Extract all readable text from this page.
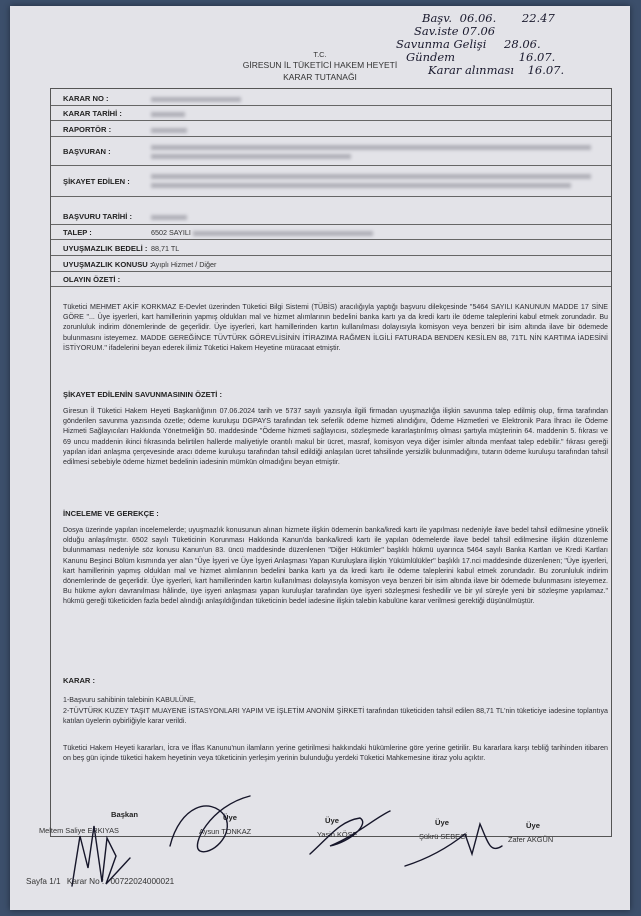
Başv. 06.06. 22.47
Sav.iste 07.06
Savunma Gelişi 28.06.
Gündem	16.07.
Karar alınması 16.07.
T.C.
GİRESUN İL TÜKETİCİ HAKEM HEYETİ
KARAR TUTANAĞI
KARAR NO :
KARAR TARİHİ :
RAPORTÖR :
BAŞVURAN :
ŞİKAYET EDİLEN :
BAŞVURU TARİHİ :
TALEP :	6502 SAYILI
UYUŞMAZLIK BEDELİ : 88,71 TL
UYUŞMAZLIK KONUSU :
Ayıplı Hizmet / Diğer
OLAYIN ÖZETİ :
Tüketici MEHMET AKİF KORKMAZ E-Devlet üzerinden Tüketici Bilgi Sistemi (TÜBİS) aracılığıyla yaptığı başvuru dilekçesinde "5464 SAYILI KANUNUN MADDE 17 SİNE GÖRE "... Üye işyerleri, kart hamillerinin yapmış oldukları mal ve hizmet alımlarının bedelini banka kartı ya da kredi kartı ile ödeme taleplerini kabul etmek zorundadır. Bu zorunluluk indirim dönemlerinde de geçerlidir. Üye işyerleri, kart hamillerinden kartın kullanılması dolayısıyla komisyon veya benzeri bir isim altında ilave bir ödemede bulunmasını isteyemez. MADDE GEREĞİNCE TÜVTÜRK GÖREVLİSİNİN İTİRAZIMA RAĞMEN İLGİLİ FATURADA BENDEN KESİLEN 88, 71TL NİN KARTIMA İADESİNİ İSTİYORUM." ifadelerini beyan ederek ilimiz Tüketici Hakem Heyetine müracaat etmiştir.
ŞİKAYET EDİLENİN SAVUNMASININ ÖZETİ :
Giresun İl Tüketici Hakem Heyeti Başkanlığının 07.06.2024 tarih ve 5737 sayılı yazısıyla ilgili firmadan uyuşmazlığa ilişkin savunma talep edilmiş olup, firma tarafından gönderilen savunma yazısında özetle; ödeme kuruluşu DGPAYS tarafından tek seferlik ödeme hizmeti alındığını, Ödeme Hizmetleri ve Elektronik Para İhracı ile Ödeme Hizmeti Sağlayıcıları Hakkında Yönetmeliğin 50. maddesinde "Ödeme hizmeti sağlayıcısı, sözleşmede kararlaştırılmış olması şartıyla müşterinin 64. maddenin 5. fıkrası ve 69 uncu maddenin ikinci fıkrasında belirtilen hallerde maliyetiyle orantılı makul bir ücret, masraf, komisyon veya diğer isimler altında menfaat talep edebilir." fıkrası gereği yapılan idari anlaşma çerçevesinde aracı ödeme kuruluşu tarafından tahsil edildiği anlaşılan ücret tahsilinde yersizlik bulunmadığını, tutarın ödeme kuruluşu tarafından tahsil edilmesi sebebiyle ödeme hizmet bedelinin iadesinin mümkün olmadığını beyan etmiştir.
İNCELEME VE GEREKÇE :
Dosya üzerinde yapılan incelemelerde; uyuşmazlık konusunun alınan hizmete ilişkin ödemenin banka/kredi kartı ile yapılması nedeniyle ilave bedel tahsil edilmesine yönelik olduğu anlaşılmıştır. 6502 sayılı Tüketicinin Korunması Hakkında Kanun'da banka/kredi kartı ile yapılan ödemelerde ilave bedel tahsil edilmesine ilişkin düzenleme bulunmaması nedeniyle söz konusu Kanun'un 83. üncü maddesinde düzenlenen "Diğer Hükümler" başlıklı hükmü uyarınca 5464 sayılı Banka Kartları ve Kredi Kartları Kanunu Beşinci Bölüm kısmında yer alan "Üye İşyeri ve Üye İşyeri Anlaşması Yapan Kuruluşlara ilişkin Yükümlülükler" başlıklı 17.nci maddesinde düzenlenen; "Üye işyerleri, kart hamillerinin yapmış oldukları mal ve hizmet alımlarının bedelini banka kartı ya da kredi kartı ile ödeme taleplerini kabul etmek zorundadır. Bu zorunluluk indirim dönemlerinde de geçerlidir. Üye işyerleri, kart hamillerinden kartın kullanılması dolayısıyla komisyon veya benzeri bir isim altında ilave bir ödemede bulunmasını isteyemez. Bu hükme aykırı davranılması hâlinde, üye işyeri anlaşması yapan kuruluşlar tarafından üye işyeri sözleşmesi feshedilir ve bir yıl süreyle yeni bir sözleşme yapılamaz." hükmü gereği tüketiciden fazla bedel alındığı anlaşıldığından tüketicinin bedel iadesine ilişkin talebin kabulüne karar verilmesi gerektiği düşünülmüştür.
KARAR :
1-Başvuru sahibinin talebinin KABULÜNE,
2-TÜVTÜRK KUZEY TAŞIT MUAYENE İSTASYONLARI YAPIM VE İŞLETİM ANONİM ŞİRKETİ tarafından tüketiciden tahsil edilen 88,71 TL'nin tüketiciye iadesine toplantıya katılan üyelerin oybirliğiyle karar verildi.
Tüketici Hakem Heyeti kararları, İcra ve İflas Kanunu'nun ilamların yerine getirilmesi hakkındaki hükümlerine göre yerine getirilir. Bu kararlara karşı tebliğ tarihinden itibaren on beş gün içinde tüketici hakem heyetinin veya tüketicinin yerleşim yerinin bulunduğu yerdeki Tüketici Mahkemesine itiraz yolu açıktır.
Başkan
Meltem Saliye ERKIYAS
Üye
Aysun TONKAZ
Üye
Yasin KÖSE
Üye
Şükrü SEBECİ
Üye
Zafer AKGÜN
Sayfa 1/1 Karar No : 00722024000021
